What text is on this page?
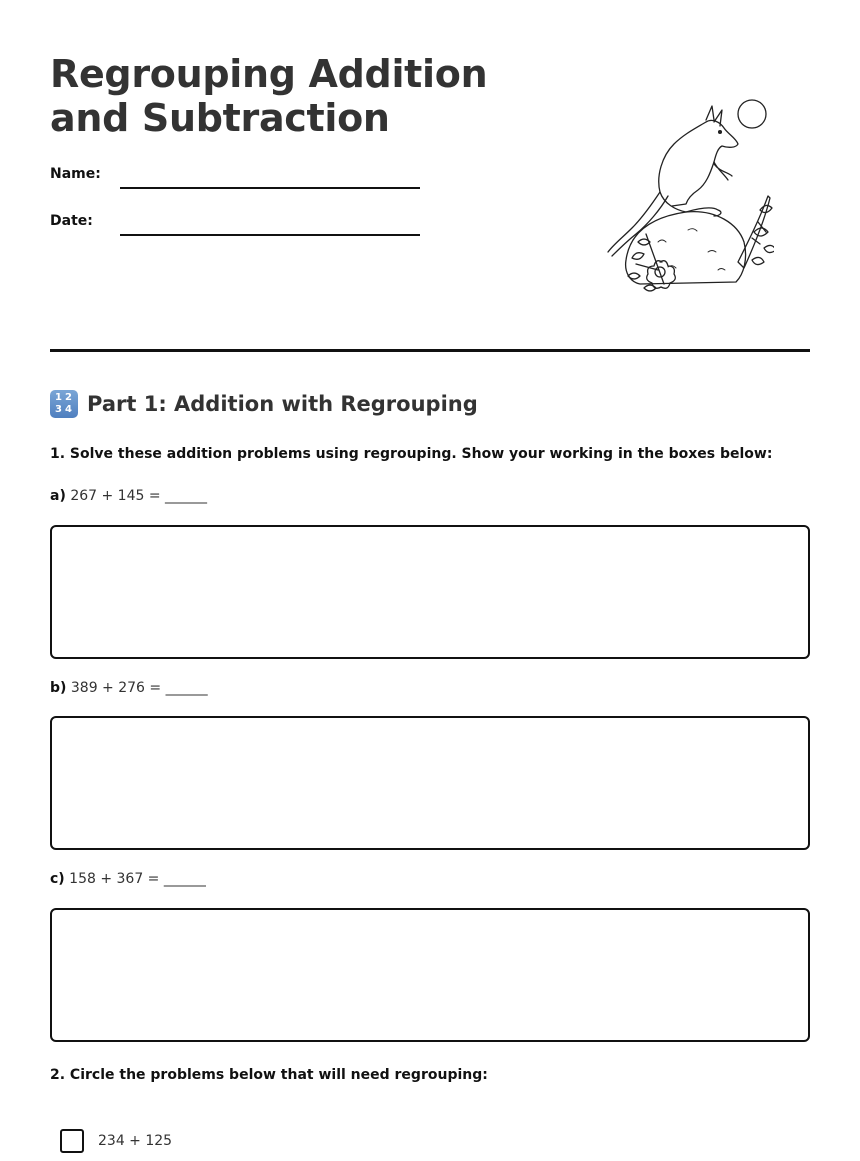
Regrouping Addition
and Subtraction
Name:
Date:
1 2
3 4 Part 1: Addition with Regrouping
1. Solve these addition problems using regrouping. Show your working in the boxes below:
a) 267 + 145 = ______
b) 389 + 276 = ______
c) 158 + 367 = ______
2. Circle the problems below that will need regrouping:
234 + 125
